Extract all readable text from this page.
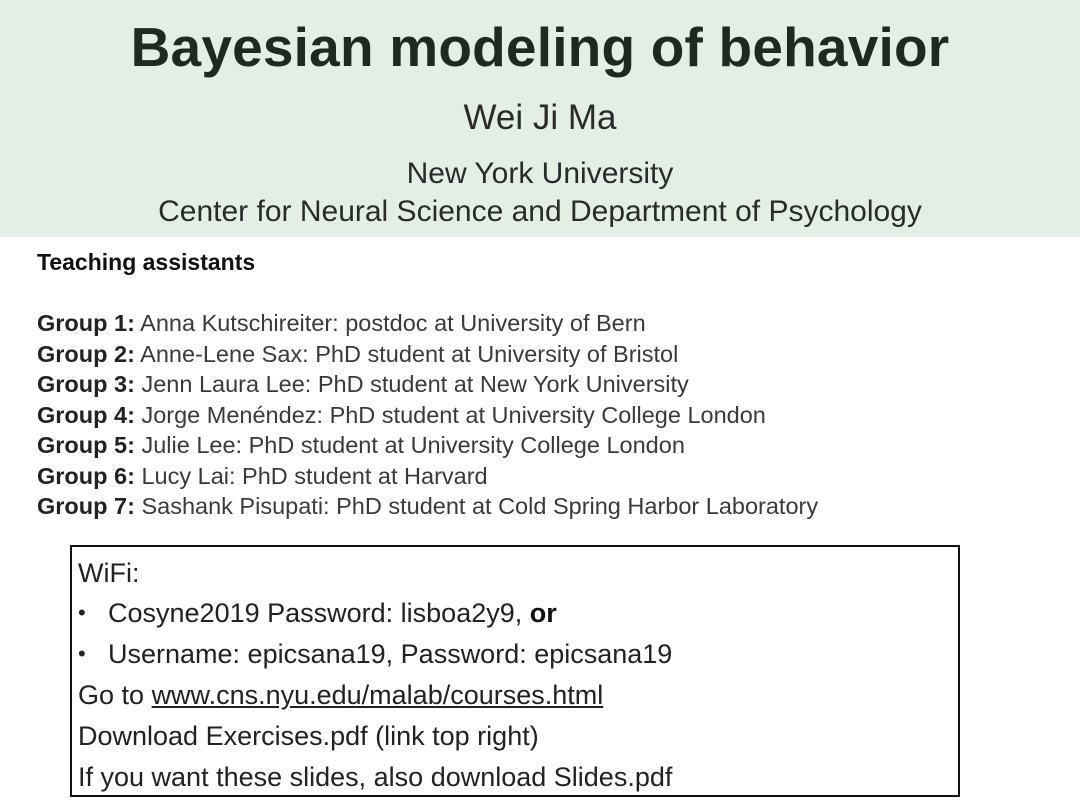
Bayesian modeling of behavior
Wei Ji Ma
New York University
Center for Neural Science and Department of Psychology
Teaching assistants
Group 1: Anna Kutschireiter: postdoc at University of Bern
Group 2: Anne-Lene Sax: PhD student at University of Bristol
Group 3: Jenn Laura Lee: PhD student at New York University
Group 4: Jorge Menéndez: PhD student at University College London
Group 5: Julie Lee: PhD student at University College London
Group 6: Lucy Lai: PhD student at Harvard
Group 7: Sashank Pisupati: PhD student at Cold Spring Harbor Laboratory
WiFi:
• Cosyne2019 Password: lisboa2y9, or
• Username: epicsana19, Password: epicsana19
Go to www.cns.nyu.edu/malab/courses.html
Download Exercises.pdf (link top right)
If you want these slides, also download Slides.pdf
